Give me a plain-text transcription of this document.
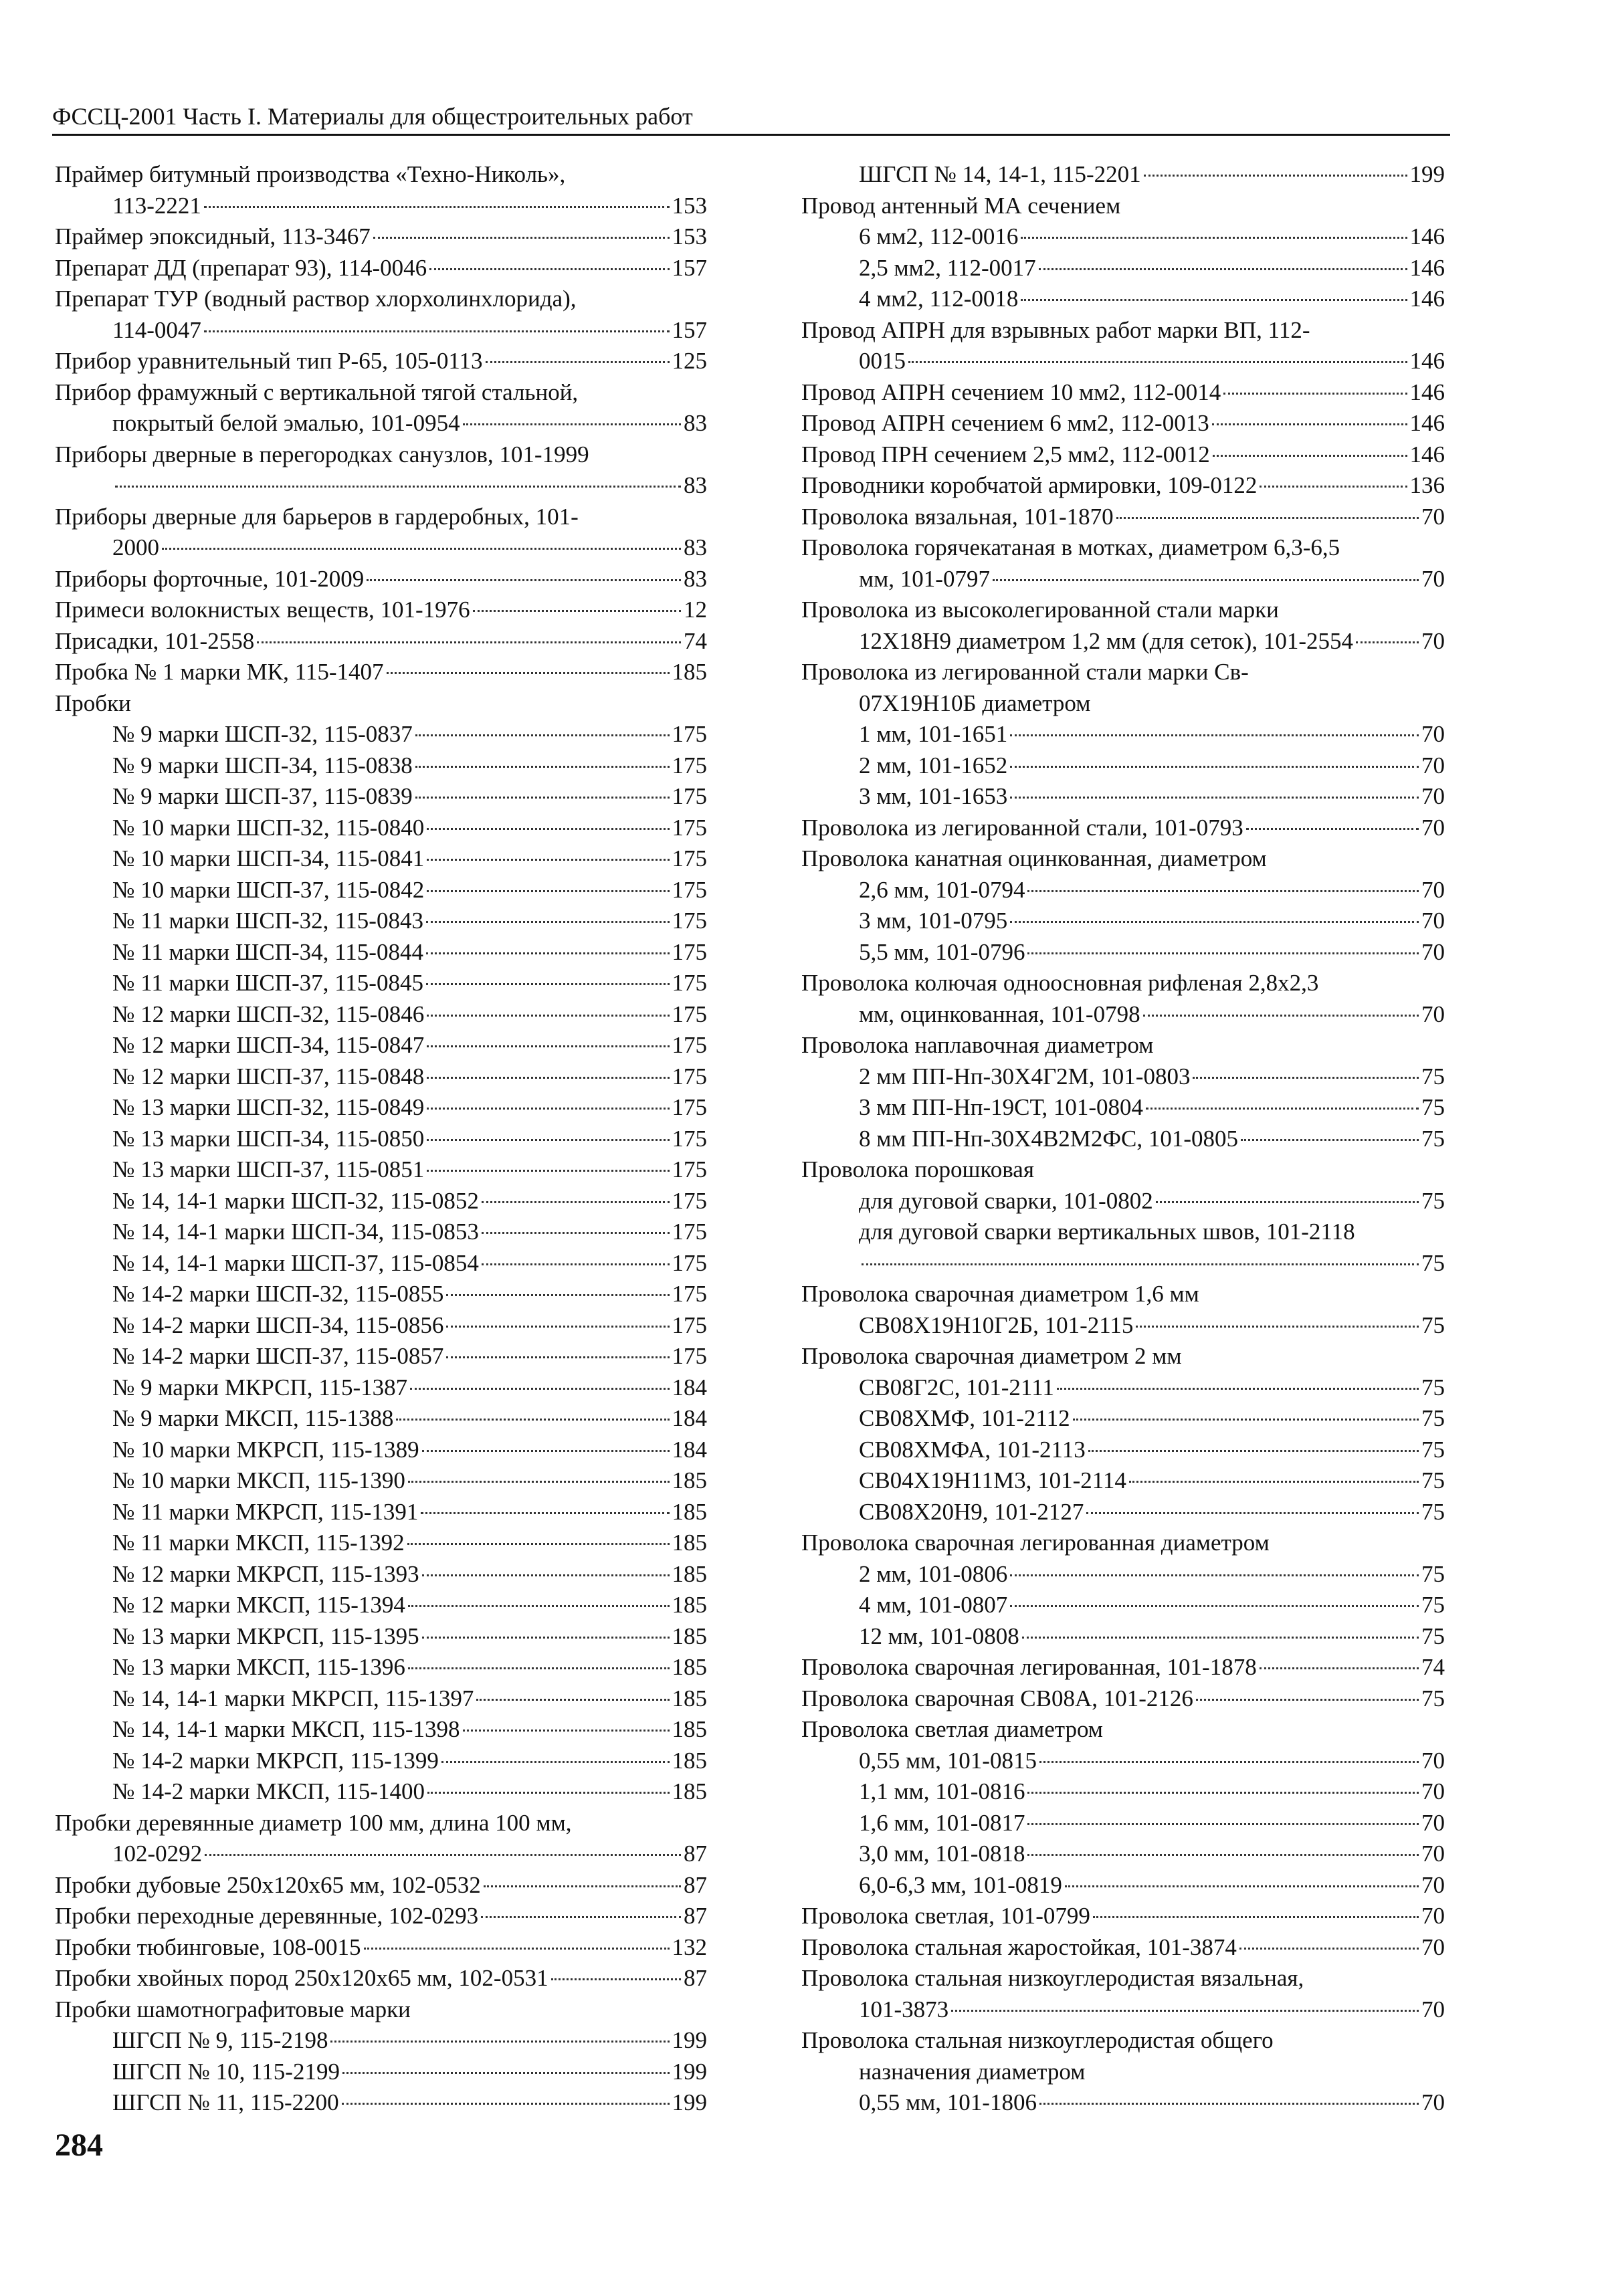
ФССЦ-2001 Часть I. Материалы для общестроительных работ
Праймер битумный производства «Техно-Николь»,
113-2221	153
Праймер эпоксидный, 113-3467	153
Препарат ДД (препарат 93), 114-0046	157
Препарат ТУР (водный раствор хлорхолинхлорида),
114-0047	157
Прибор уравнительный тип Р-65, 105-0113	125
Прибор фрамужный с вертикальной тягой стальной,
покрытый белой эмалью, 101-0954	83
Приборы дверные в перегородках санузлов, 101-1999
83
Приборы дверные для барьеров в гардеробных, 101-
2000	83
Приборы форточные, 101-2009	83
Примеси волокнистых веществ, 101-1976	12
Присадки, 101-2558	74
Пробка № 1 марки МК, 115-1407	185
Пробки
№ 9 марки ШСП-32, 115-0837	175
№ 9 марки ШСП-34, 115-0838	175
№ 9 марки ШСП-37, 115-0839	175
№ 10 марки ШСП-32, 115-0840	175
№ 10 марки ШСП-34, 115-0841	175
№ 10 марки ШСП-37, 115-0842	175
№ 11 марки ШСП-32, 115-0843	175
№ 11 марки ШСП-34, 115-0844	175
№ 11 марки ШСП-37, 115-0845	175
№ 12 марки ШСП-32, 115-0846	175
№ 12 марки ШСП-34, 115-0847	175
№ 12 марки ШСП-37, 115-0848	175
№ 13 марки ШСП-32, 115-0849	175
№ 13 марки ШСП-34, 115-0850	175
№ 13 марки ШСП-37, 115-0851	175
№ 14, 14-1 марки ШСП-32, 115-0852	175
№ 14, 14-1 марки ШСП-34, 115-0853	175
№ 14, 14-1 марки ШСП-37, 115-0854	175
№ 14-2 марки ШСП-32, 115-0855	175
№ 14-2 марки ШСП-34, 115-0856	175
№ 14-2 марки ШСП-37, 115-0857	175
№ 9 марки МКРСП, 115-1387	184
№ 9 марки МКСП, 115-1388	184
№ 10 марки МКРСП, 115-1389	184
№ 10 марки МКСП, 115-1390	185
№ 11 марки МКРСП, 115-1391	185
№ 11 марки МКСП, 115-1392	185
№ 12 марки МКРСП, 115-1393	185
№ 12 марки МКСП, 115-1394	185
№ 13 марки МКРСП, 115-1395	185
№ 13 марки МКСП, 115-1396	185
№ 14, 14-1 марки МКРСП, 115-1397	185
№ 14, 14-1 марки МКСП, 115-1398	185
№ 14-2 марки МКРСП, 115-1399	185
№ 14-2 марки МКСП, 115-1400	185
Пробки деревянные диаметр 100 мм, длина 100 мм,
102-0292	87
Пробки дубовые 250х120х65 мм, 102-0532	87
Пробки переходные деревянные, 102-0293	87
Пробки тюбинговые, 108-0015	132
Пробки хвойных пород 250х120х65 мм, 102-0531	87
Пробки шамотнографитовые марки
ШГСП № 9, 115-2198	199
ШГСП № 10, 115-2199	199
ШГСП № 11, 115-2200	199
ШГСП № 14, 14-1, 115-2201	199
Провод антенный МА сечением
6 мм2, 112-0016	146
2,5 мм2, 112-0017	146
4 мм2, 112-0018	146
Провод АПРН для взрывных работ марки ВП, 112-
0015	146
Провод АПРН сечением 10 мм2, 112-0014	146
Провод АПРН сечением 6 мм2, 112-0013	146
Провод ПРН сечением 2,5 мм2, 112-0012	146
Проводники коробчатой армировки, 109-0122	136
Проволока вязальная, 101-1870	70
Проволока горячекатаная в мотках, диаметром 6,3-6,5
мм, 101-0797	70
Проволока из высоколегированной стали марки
12Х18Н9 диаметром 1,2 мм (для сеток), 101-2554	70
Проволока из легированной стали марки Св-
07Х19Н10Б диаметром
1 мм, 101-1651	70
2 мм, 101-1652	70
3 мм, 101-1653	70
Проволока из легированной стали, 101-0793	70
Проволока канатная оцинкованная, диаметром
2,6 мм, 101-0794	70
3 мм, 101-0795	70
5,5 мм, 101-0796	70
Проволока колючая одноосновная рифленая 2,8х2,3
мм, оцинкованная, 101-0798	70
Проволока наплавочная диаметром
2 мм ПП-Нп-30Х4Г2М, 101-0803	75
3 мм ПП-Нп-19СТ, 101-0804	75
8 мм ПП-Нп-30Х4В2М2ФС, 101-0805	75
Проволока порошковая
для дуговой сварки, 101-0802	75
для дуговой сварки вертикальных швов, 101-2118
75
Проволока сварочная диаметром 1,6 мм
СВ08Х19Н10Г2Б, 101-2115	75
Проволока сварочная диаметром 2 мм
СВ08Г2С, 101-2111	75
СВ08ХМФ, 101-2112	75
СВ08ХМФА, 101-2113	75
СВ04Х19Н11М3, 101-2114	75
СВ08Х20Н9, 101-2127	75
Проволока сварочная легированная диаметром
2 мм, 101-0806	75
4 мм, 101-0807	75
12 мм, 101-0808	75
Проволока сварочная легированная, 101-1878	74
Проволока сварочная СВ08А, 101-2126	75
Проволока светлая диаметром
0,55 мм, 101-0815	70
1,1 мм, 101-0816	70
1,6 мм, 101-0817	70
3,0 мм, 101-0818	70
6,0-6,3 мм, 101-0819	70
Проволока светлая, 101-0799	70
Проволока стальная жаростойкая, 101-3874	70
Проволока стальная низкоуглеродистая вязальная,
101-3873	70
Проволока стальная низкоуглеродистая общего
назначения диаметром
0,55 мм, 101-1806	70
284
